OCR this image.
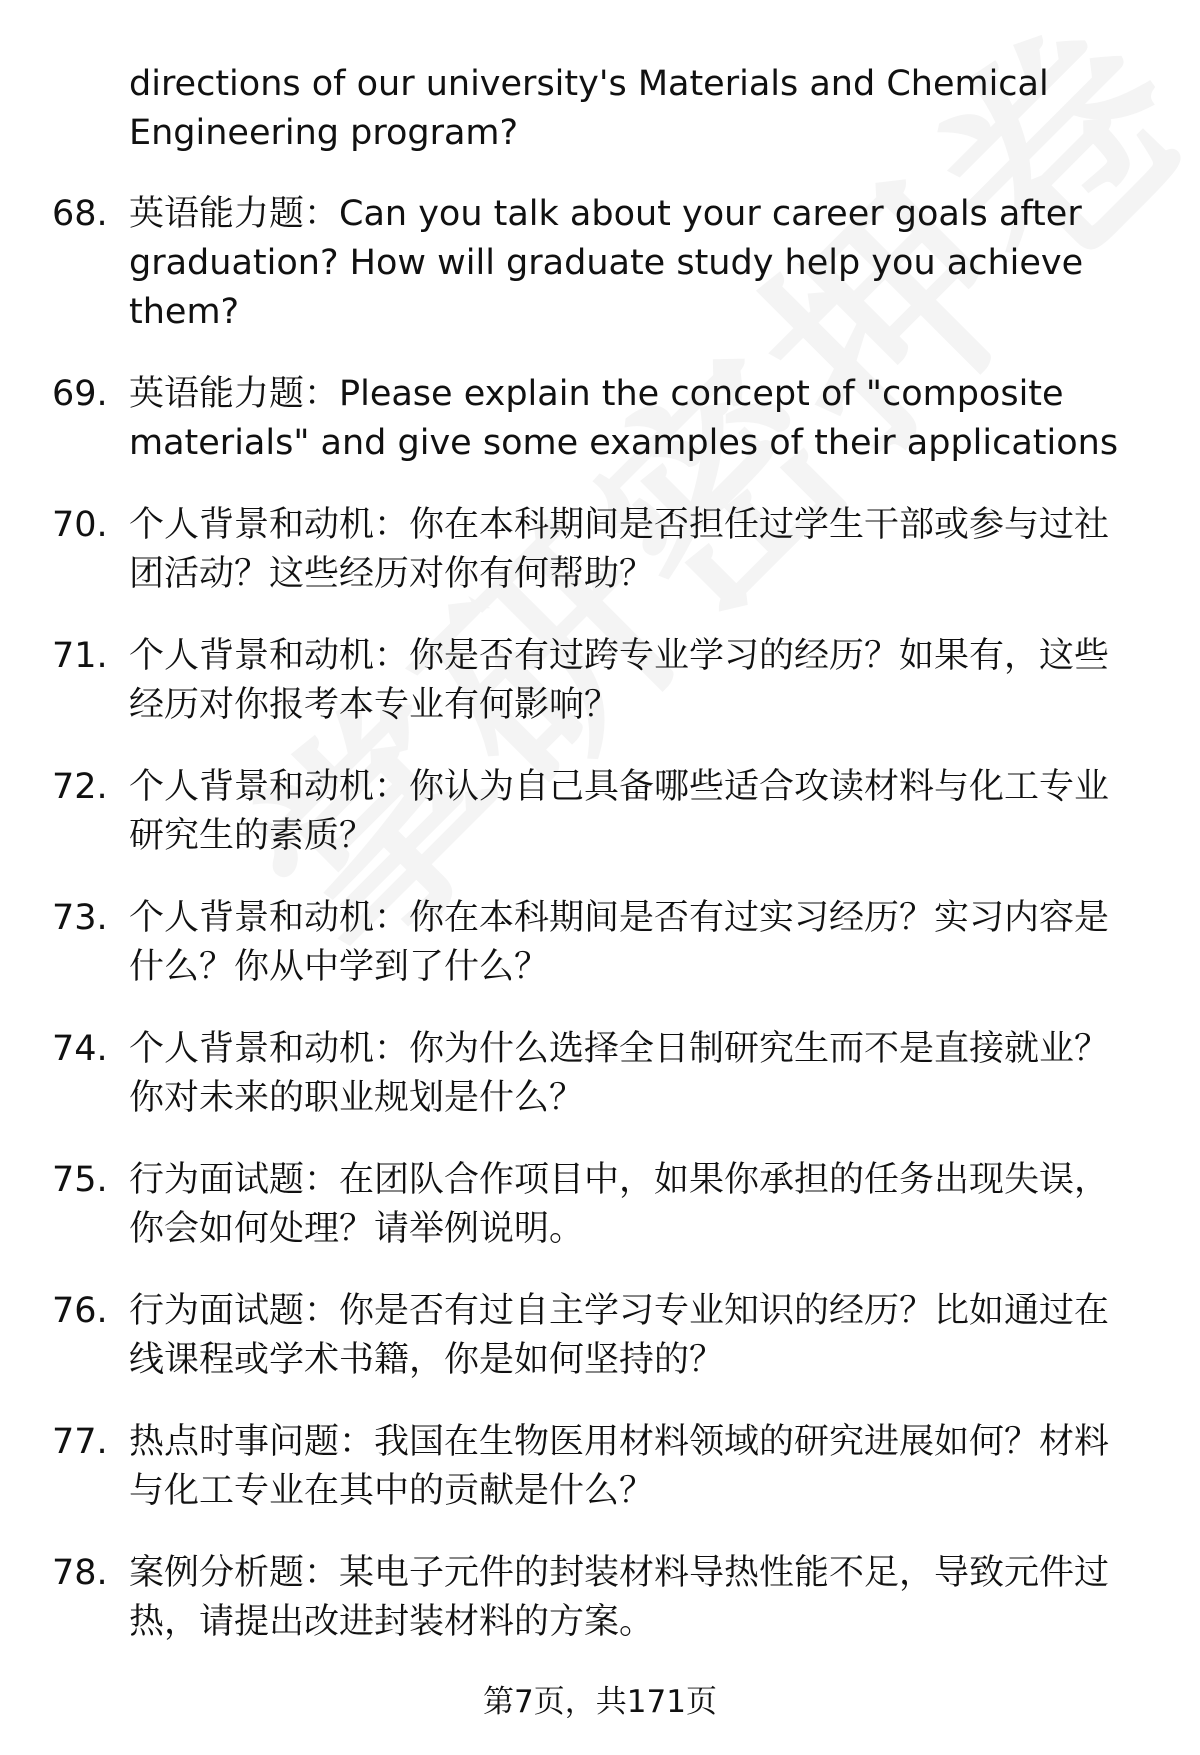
directions of our university's Materials and Chemical Engineering program?
68. 英语能力题：Can you talk about your career goals after graduation? How will graduate study help you achieve them?
69. 英语能力题：Please explain the concept of "composite materials" and give some examples of their applications
70. 个人背景和动机：你在本科期间是否担任过学生干部或参与过社团活动？这些经历对你有何帮助？
71. 个人背景和动机：你是否有过跨专业学习的经历？如果有，这些经历对你报考本专业有何影响？
72. 个人背景和动机：你认为自己具备哪些适合攻读材料与化工专业研究生的素质？
73. 个人背景和动机：你在本科期间是否有过实习经历？实习内容是什么？你从中学到了什么？
74. 个人背景和动机：你为什么选择全日制研究生而不是直接就业？你对未来的职业规划是什么？
75. 行为面试题：在团队合作项目中，如果你承担的任务出现失误，你会如何处理？请举例说明。
76. 行为面试题：你是否有过自主学习专业知识的经历？比如通过在线课程或学术书籍，你是如何坚持的？
77. 热点时事问题：我国在生物医用材料领域的研究进展如何？材料与化工专业在其中的贡献是什么？
78. 案例分析题：某电子元件的封装材料导热性能不足，导致元件过热，请提出改进封装材料的方案。
第7页，共171页
